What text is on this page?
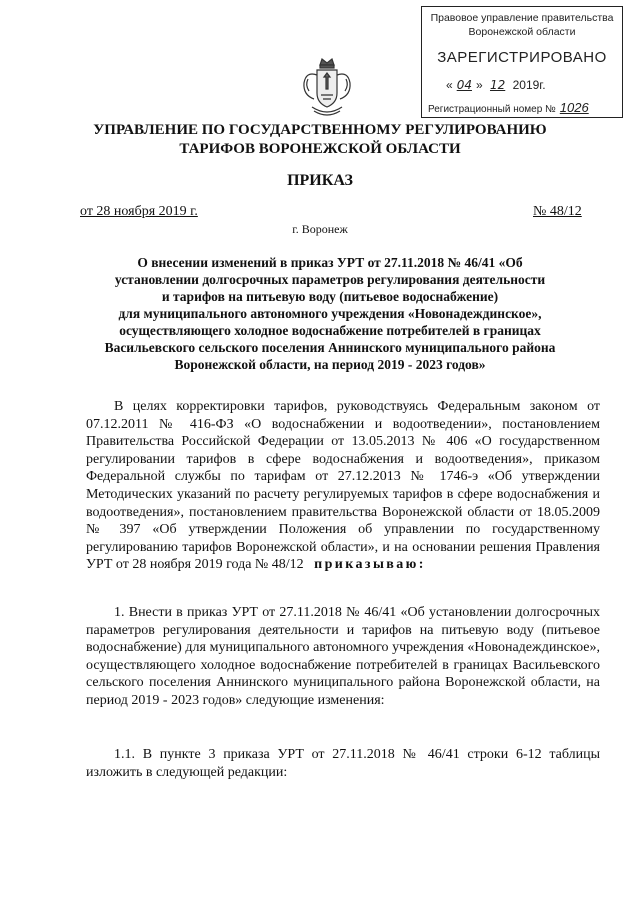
Правовое управление правительства
Воронежской области
ЗАРЕГИСТРИРОВАНО
« 04 » 12 2019г.
Регистрационный номер № 1026
УПРАВЛЕНИЕ ПО ГОСУДАРСТВЕННОМУ РЕГУЛИРОВАНИЮ
ТАРИФОВ ВОРОНЕЖСКОЙ ОБЛАСТИ
ПРИКАЗ
от 28 ноября 2019 г.	№ 48/12
г. Воронеж
О внесении изменений в приказ УРТ от 27.11.2018 № 46/41 «Об
установлении долгосрочных параметров регулирования деятельности
и тарифов на питьевую воду (питьевое водоснабжение)
для муниципального автономного учреждения «Новонадеждинское»,
осуществляющего холодное водоснабжение потребителей в границах
Васильевского сельского поселения Аннинского муниципального района
Воронежской области, на период 2019 - 2023 годов»

В целях корректировки тарифов, руководствуясь Федеральным законом от 07.12.2011 № 416-ФЗ «О водоснабжении и водоотведении», постановлением Правительства Российской Федерации от 13.05.2013 № 406 «О государственном регулировании тарифов в сфере водоснабжения и водоотведения», приказом Федеральной службы по тарифам от 27.12.2013 № 1746-э «Об утверждении Методических указаний по расчету регулируемых тарифов в сфере водоснабжения и водоотведения», постановлением правительства Воронежской области от 18.05.2009 № 397 «Об утверждении Положения об управлении по государственному регулированию тарифов Воронежской области», и на основании решения Правления УРТ от 28 ноября 2019 года № 48/12 приказываю:

1. Внести в приказ УРТ от 27.11.2018 № 46/41 «Об установлении долгосрочных параметров регулирования деятельности и тарифов на питьевую воду (питьевое водоснабжение) для муниципального автономного учреждения «Новонадеждинское», осуществляющего холодное водоснабжение потребителей в границах Васильевского сельского поселения Аннинского муниципального района Воронежской области, на период 2019 - 2023 годов» следующие изменения:

1.1. В пункте 3 приказа УРТ от 27.11.2018 № 46/41 строки 6-12 таблицы изложить в следующей редакции:
